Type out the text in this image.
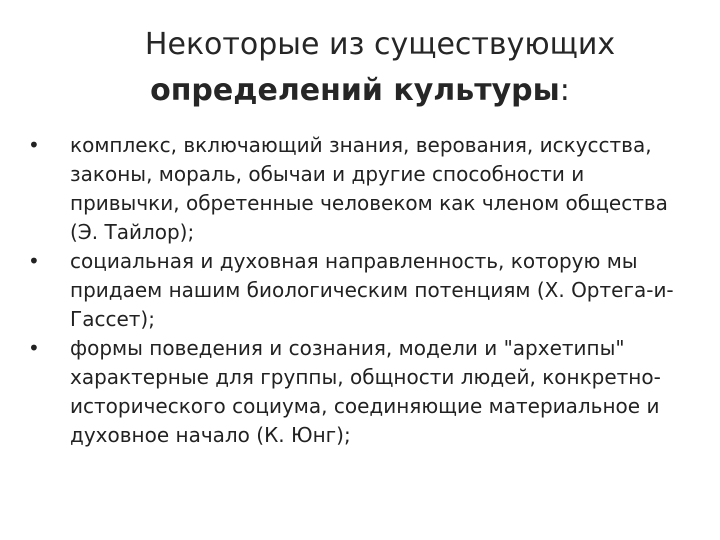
Некоторые из существующих
определений культуры:
•	комплекс, включающий знания, верования, искусства, законы, мораль, обычаи и другие способности и привычки, обретенные человеком как членом общества (Э. Тайлор);
•	социальная и духовная направленность, которую мы придаем нашим биологическим потенциям (Х. Ортега-и-Гассет);
•	формы поведения и сознания, модели и "архетипы" характерные для группы, общности людей, конкретно-исторического социума, соединяющие материальное и духовное начало (К. Юнг);
